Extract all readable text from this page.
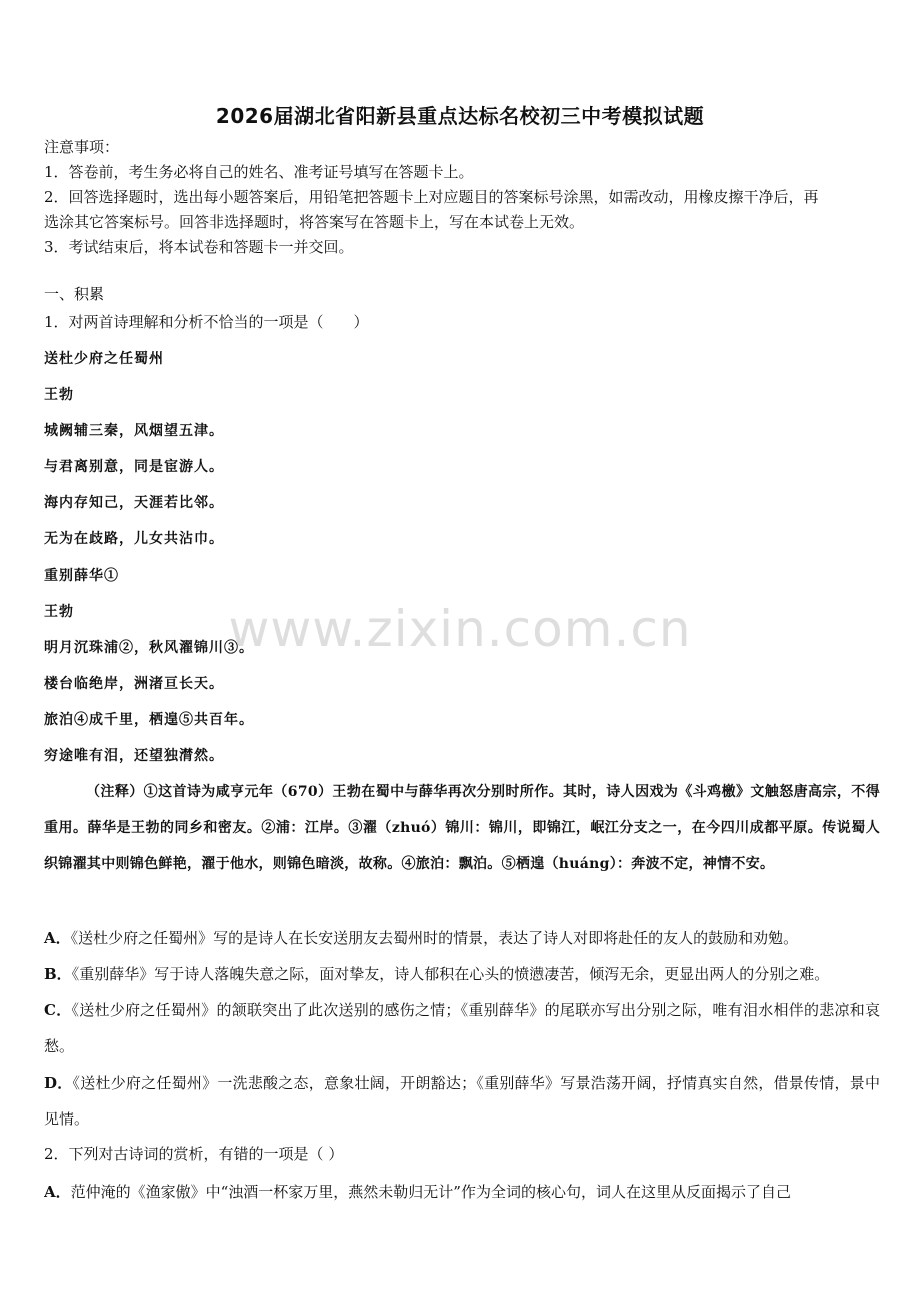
2026届湖北省阳新县重点达标名校初三中考模拟试题
注意事项：
1．答卷前，考生务必将自己的姓名、准考证号填写在答题卡上。
2．回答选择题时，选出每小题答案后，用铅笔把答题卡上对应题目的答案标号涂黑，如需改动，用橡皮擦干净后，再
选涂其它答案标号。回答非选择题时，将答案写在答题卡上，写在本试卷上无效。
3．考试结束后，将本试卷和答题卡一并交回。
一、积累
1．对两首诗理解和分析不恰当的一项是（　　）
送杜少府之任蜀州
王勃
城阙辅三秦，风烟望五津。
与君离别意，同是宦游人。
海内存知己，天涯若比邻。
无为在歧路，儿女共沾巾。
重别薛华①
王勃
明月沉珠浦②，秋风濯锦川③。
楼台临绝岸，洲渚亘长天。
旅泊④成千里，栖遑⑤共百年。
穷途唯有泪，还望独潸然。
（注释）①这首诗为咸亨元年（670）王勃在蜀中与薛华再次分别时所作。其时，诗人因戏为《斗鸡檄》文触怒唐高宗，不得重用。薛华是王勃的同乡和密友。②浦：江岸。③濯（zhuó）锦川：锦川，即锦江，岷江分支之一，在今四川成都平原。传说蜀人织锦濯其中则锦色鲜艳，濯于他水，则锦色暗淡，故称。④旅泊：飘泊。⑤栖遑（huáng）：奔波不定，神情不安。
A．《送杜少府之任蜀州》写的是诗人在长安送朋友去蜀州时的情景，表达了诗人对即将赴任的友人的鼓励和劝勉。
B．《重别薛华》写于诗人落魄失意之际，面对挚友，诗人郁积在心头的愤懑凄苦，倾泻无余，更显出两人的分别之难。
C．《送杜少府之任蜀州》的颔联突出了此次送别的感伤之情；《重别薛华》的尾联亦写出分别之际，唯有泪水相伴的悲凉和哀愁。
D．《送杜少府之任蜀州》一洗悲酸之态，意象壮阔，开朗豁达；《重别薛华》写景浩荡开阔，抒情真实自然，借景传情，景中见情。
2．下列对古诗词的赏析，有错的一项是（ ）
A．范仲淹的《渔家傲》中“浊酒一杯家万里，燕然未勒归无计”作为全词的核心句，词人在这里从反面揭示了自己
www.zixin.com.cn
